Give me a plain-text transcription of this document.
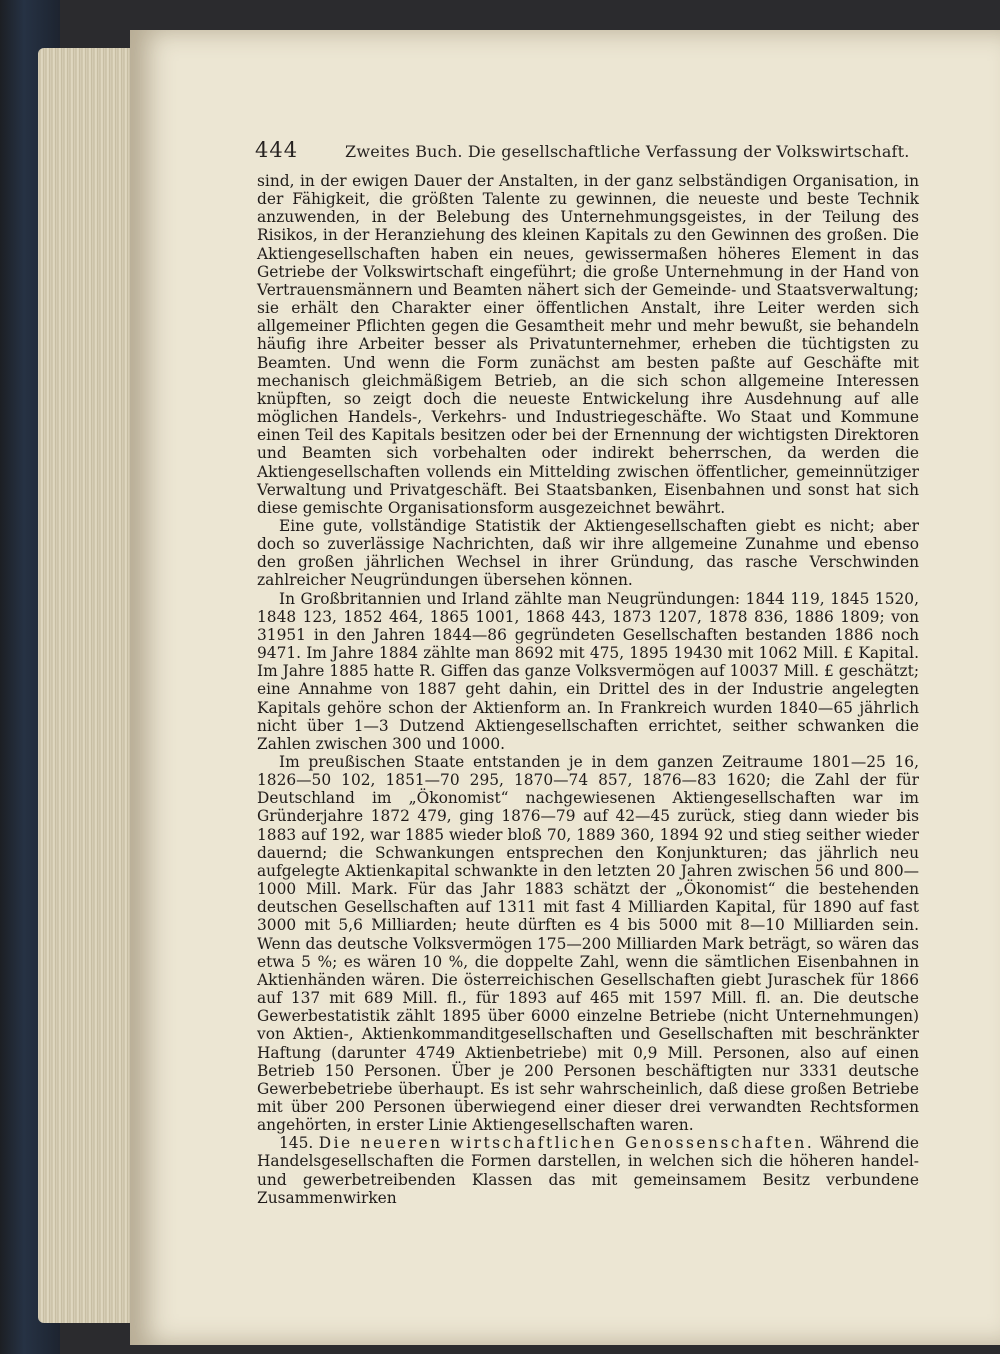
444	Zweites Buch. Die gesellschaftliche Verfassung der Volkswirtschaft.

sind, in der ewigen Dauer der Anstalten, in der ganz selbständigen Organisation, in der Fähigkeit, die größten Talente zu gewinnen, die neueste und beste Technik anzuwenden, in der Belebung des Unternehmungsgeistes, in der Teilung des Risikos, in der Heranziehung des kleinen Kapitals zu den Gewinnen des großen. Die Aktiengesellschaften haben ein neues, gewissermaßen höheres Element in das Getriebe der Volkswirtschaft eingeführt; die große Unternehmung in der Hand von Vertrauensmännern und Beamten nähert sich der Gemeinde- und Staatsverwaltung; sie erhält den Charakter einer öffentlichen Anstalt, ihre Leiter werden sich allgemeiner Pflichten gegen die Gesamtheit mehr und mehr bewußt, sie behandeln häufig ihre Arbeiter besser als Privatunternehmer, erheben die tüchtigsten zu Beamten. Und wenn die Form zunächst am besten paßte auf Geschäfte mit mechanisch gleichmäßigem Betrieb, an die sich schon allgemeine Interessen knüpften, so zeigt doch die neueste Entwickelung ihre Ausdehnung auf alle möglichen Handels-, Verkehrs- und Industriegeschäfte. Wo Staat und Kommune einen Teil des Kapitals besitzen oder bei der Ernennung der wichtigsten Direktoren und Beamten sich vorbehalten oder indirekt beherrschen, da werden die Aktiengesellschaften vollends ein Mittelding zwischen öffentlicher, gemeinnütziger Verwaltung und Privatgeschäft. Bei Staatsbanken, Eisenbahnen und sonst hat sich diese gemischte Organisationsform ausgezeichnet bewährt.

Eine gute, vollständige Statistik der Aktiengesellschaften giebt es nicht; aber doch so zuverlässige Nachrichten, daß wir ihre allgemeine Zunahme und ebenso den großen jährlichen Wechsel in ihrer Gründung, das rasche Verschwinden zahlreicher Neugründungen übersehen können.

In Großbritannien und Irland zählte man Neugründungen: 1844 119, 1845 1520, 1848 123, 1852 464, 1865 1001, 1868 443, 1873 1207, 1878 836, 1886 1809; von 31951 in den Jahren 1844—86 gegründeten Gesellschaften bestanden 1886 noch 9471. Im Jahre 1884 zählte man 8692 mit 475, 1895 19430 mit 1062 Mill. £ Kapital. Im Jahre 1885 hatte R. Giffen das ganze Volksvermögen auf 10037 Mill. £ geschätzt; eine Annahme von 1887 geht dahin, ein Drittel des in der Industrie angelegten Kapitals gehöre schon der Aktienform an. In Frankreich wurden 1840—65 jährlich nicht über 1—3 Dutzend Aktiengesellschaften errichtet, seither schwanken die Zahlen zwischen 300 und 1000.

Im preußischen Staate entstanden je in dem ganzen Zeitraume 1801—25 16, 1826—50 102, 1851—70 295, 1870—74 857, 1876—83 1620; die Zahl der für Deutschland im „Ökonomist“ nachgewiesenen Aktiengesellschaften war im Gründerjahre 1872 479, ging 1876—79 auf 42—45 zurück, stieg dann wieder bis 1883 auf 192, war 1885 wieder bloß 70, 1889 360, 1894 92 und stieg seither wieder dauernd; die Schwankungen entsprechen den Konjunkturen; das jährlich neu aufgelegte Aktienkapital schwankte in den letzten 20 Jahren zwischen 56 und 800—1000 Mill. Mark. Für das Jahr 1883 schätzt der „Ökonomist“ die bestehenden deutschen Gesellschaften auf 1311 mit fast 4 Milliarden Kapital, für 1890 auf fast 3000 mit 5,6 Milliarden; heute dürften es 4 bis 5000 mit 8—10 Milliarden sein. Wenn das deutsche Volksvermögen 175—200 Milliarden Mark beträgt, so wären das etwa 5 %; es wären 10 %, die doppelte Zahl, wenn die sämtlichen Eisenbahnen in Aktienhänden wären. Die österreichischen Gesellschaften giebt Juraschek für 1866 auf 137 mit 689 Mill. fl., für 1893 auf 465 mit 1597 Mill. fl. an. Die deutsche Gewerbestatistik zählt 1895 über 6000 einzelne Betriebe (nicht Unternehmungen) von Aktien-, Aktienkommanditgesellschaften und Gesellschaften mit beschränkter Haftung (darunter 4749 Aktienbetriebe) mit 0,9 Mill. Personen, also auf einen Betrieb 150 Personen. Über je 200 Personen beschäftigten nur 3331 deutsche Gewerbebetriebe überhaupt. Es ist sehr wahrscheinlich, daß diese großen Betriebe mit über 200 Personen überwiegend einer dieser drei verwandten Rechtsformen angehörten, in erster Linie Aktiengesellschaften waren.

145. Die neueren wirtschaftlichen Genossenschaften. Während die Handelsgesellschaften die Formen darstellen, in welchen sich die höheren handel- und gewerbetreibenden Klassen das mit gemeinsamem Besitz verbundene Zusammenwirken
